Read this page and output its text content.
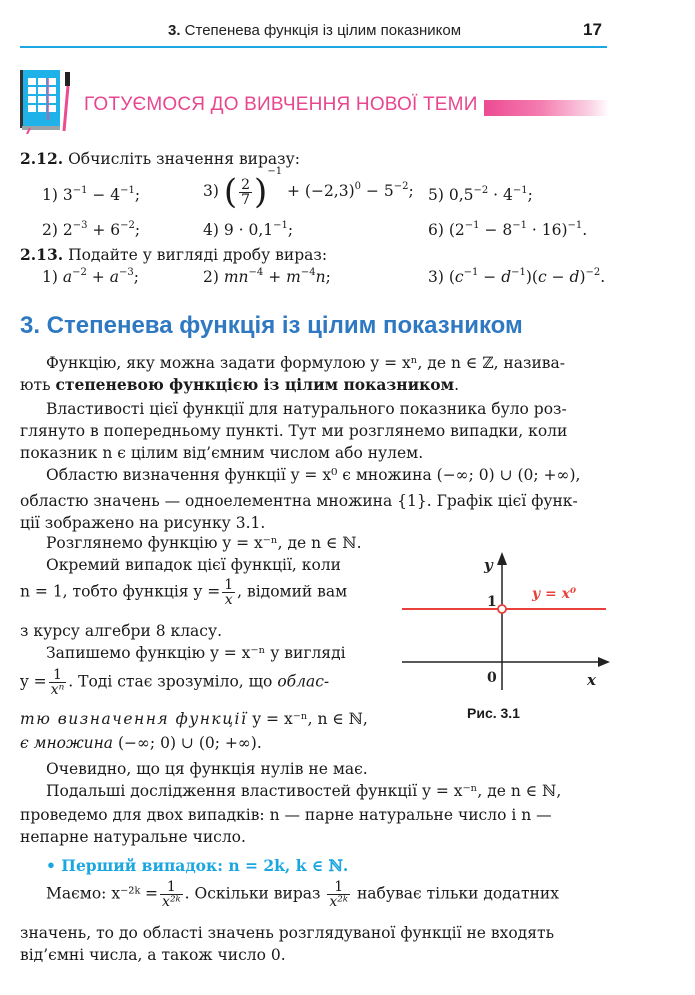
3. Степенева функція із цілим показником	17
ГОТУЄМОСЯ ДО ВИВЧЕННЯ НОВОЇ ТЕМИ
2.12. Обчисліть значення виразу:
1) $3^{-1} - 4^{-1}$;	3) ( $\frac{2}{7} )^{-1} + (-2,3)^0 - 5^{-2}$; 5) $0,5^{-2} \cdot 4^{-1}$;
2) $2^{-3} + 6^{-2}$;	4) $9 \cdot 0,1^{-1}$;	6) $(2^{-1} - 8^{-1} \cdot 16)^{-1}$.
2.13. Подайте у вигляді дробу вираз:
1) $a^{-2} + a^{-3}$;	2) $mn^{-4} + m^{-4}n$;	3) $(c^{-1} - d^{-1})(c - d)^{-2}$.
3. Степенева функція із цілим показником
Функцію, яку можна задати формулою y = xⁿ, де n ∈ ℤ, назива-
ють степеневою функцією із цілим показником.
Властивості цієї функції для натурального показника було роз-
глянуто в попередньому пункті. Тут ми розглянемо випадки, коли
показник n є цілим від’ємним числом або нулем.
Областю визначення функції y = x⁰ є множина (−∞; 0) ∪ (0; +∞),
областю значень — одноелементна множина {1}. Графік цієї функ-
ції зображено на рисунку 3.1.
Розглянемо функцію y = x⁻ⁿ, де n ∈ ℕ.
Окремий випадок цієї функції, коли
n = 1, тобто функція $y = \frac{1}{x}$ , відомий вам
з курсу алгебри 8 класу.
Запишемо функцію y = x⁻ⁿ у вигляді
$y = \frac{1}{\text{xⁿ}}$ . Тоді стає зрозуміло, що облас-
тю визначення функції y = x⁻ⁿ, n ∈ ℕ,
є множина (−∞; 0) ∪ (0; +∞).
Очевидно, що ця функція нулів не має.
Подальші дослідження властивостей функції y = x⁻ⁿ, де n ∈ ℕ,
проведемо для двох випадків: n — парне натуральне число і n —
непарне натуральне число.
• Перший випадок: n = 2k, k ∈ ℕ.
Маємо: x⁻²ᵏ = $\frac{1}{\text{x²ᵏ}}$ . Оскільки вираз $\frac{1}{\text{x²ᵏ}}$ набуває тільки додатних
значень, то до області значень розглядуваної функції не входять
від’ємні числа, а також число 0.
y
1
0	x
y = x⁰
Рис. 3.1
